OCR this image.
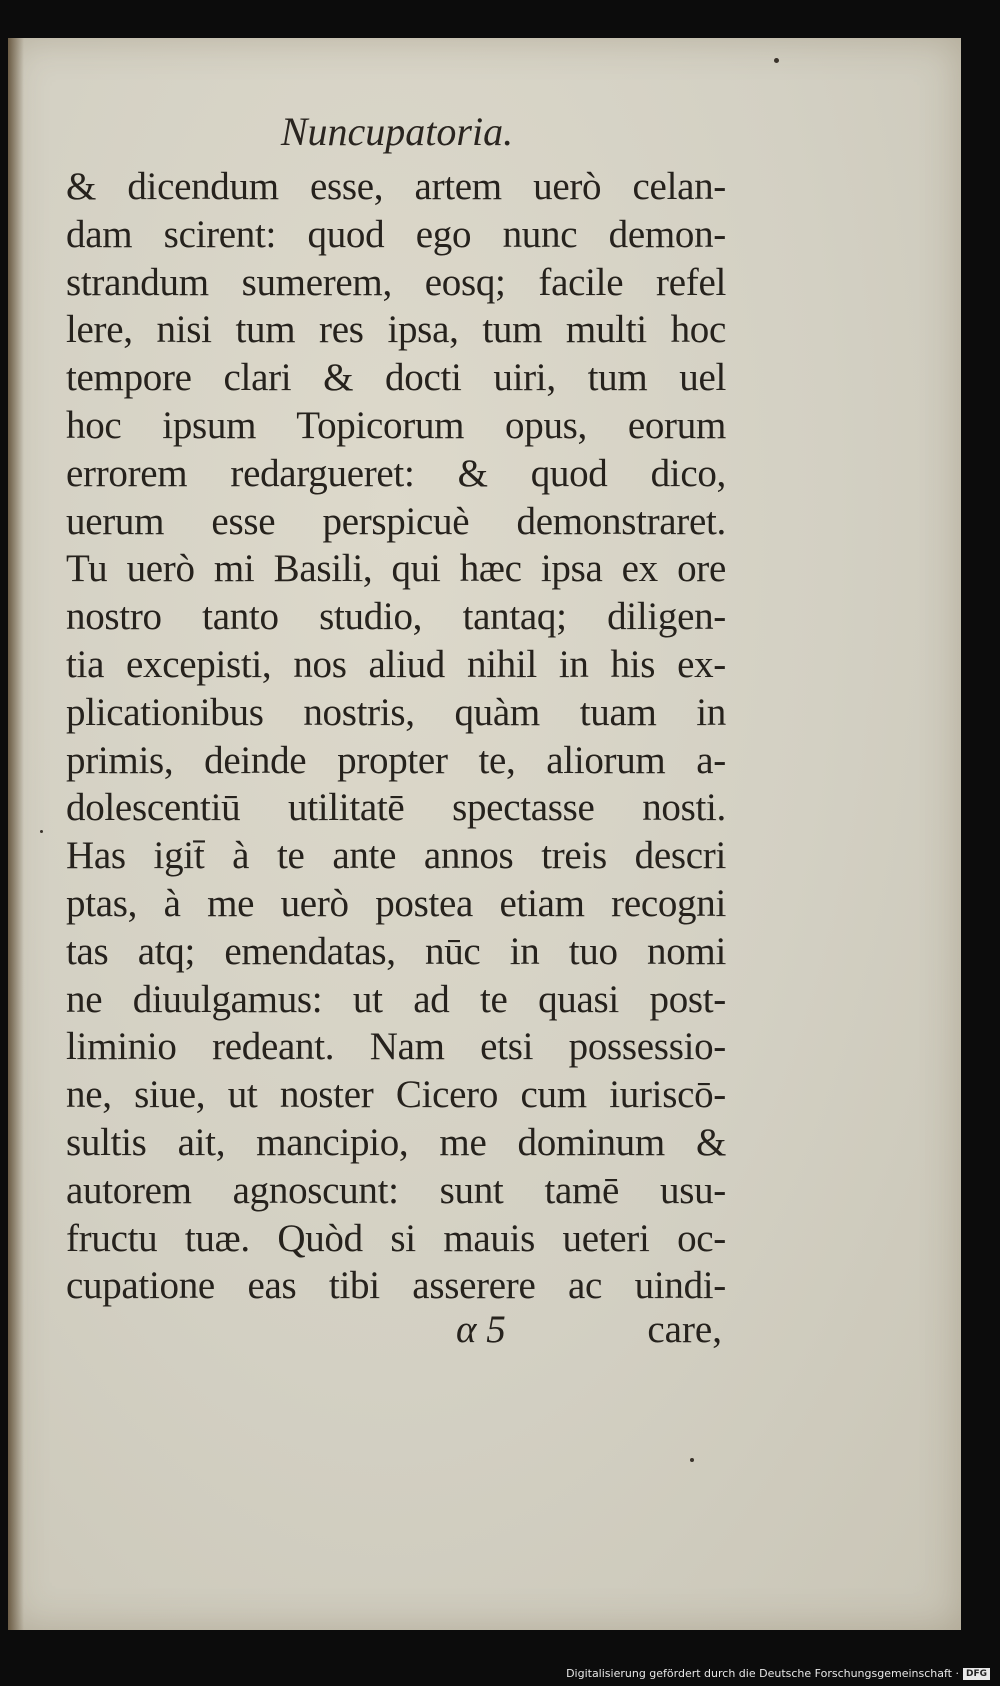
Nuncupatoria.
& dicendum esse, artem uerò celan-
dam scirent: quod ego nunc demon-
strandum sumerem, eosq; facile refel
lere, nisi tum res ipsa, tum multi hoc
tempore clari & docti uiri, tum uel
hoc ipsum Topicorum opus, eorum
errorem redargueret: & quod dico,
uerum esse perspicuè demonstraret.
Tu uerò mi Basili, qui hæc ipsa ex ore
nostro tanto studio, tantaq; diligen-
tia excepisti, nos aliud nihil in his ex-
plicationibus nostris, quàm tuam in
primis, deinde propter te, aliorum a-
dolescentiū utilitatē spectasse nosti.
Has igit̄ à te ante annos treis descri
ptas, à me uerò postea etiam recogni
tas atq; emendatas, nūc in tuo nomi
ne diuulgamus: ut ad te quasi post-
liminio redeant. Nam etsi possessio-
ne, siue, ut noster Cicero cum iuriscō-
sultis ait, mancipio, me dominum &
autorem agnoscunt: sunt tamē usu-
fructu tuæ. Quòd si mauis ueteri oc-
cupatione eas tibi asserere ac uindi-
α 5	care,
Digitalisierung gefördert durch die Deutsche Forschungsgemeinschaft · DFG
